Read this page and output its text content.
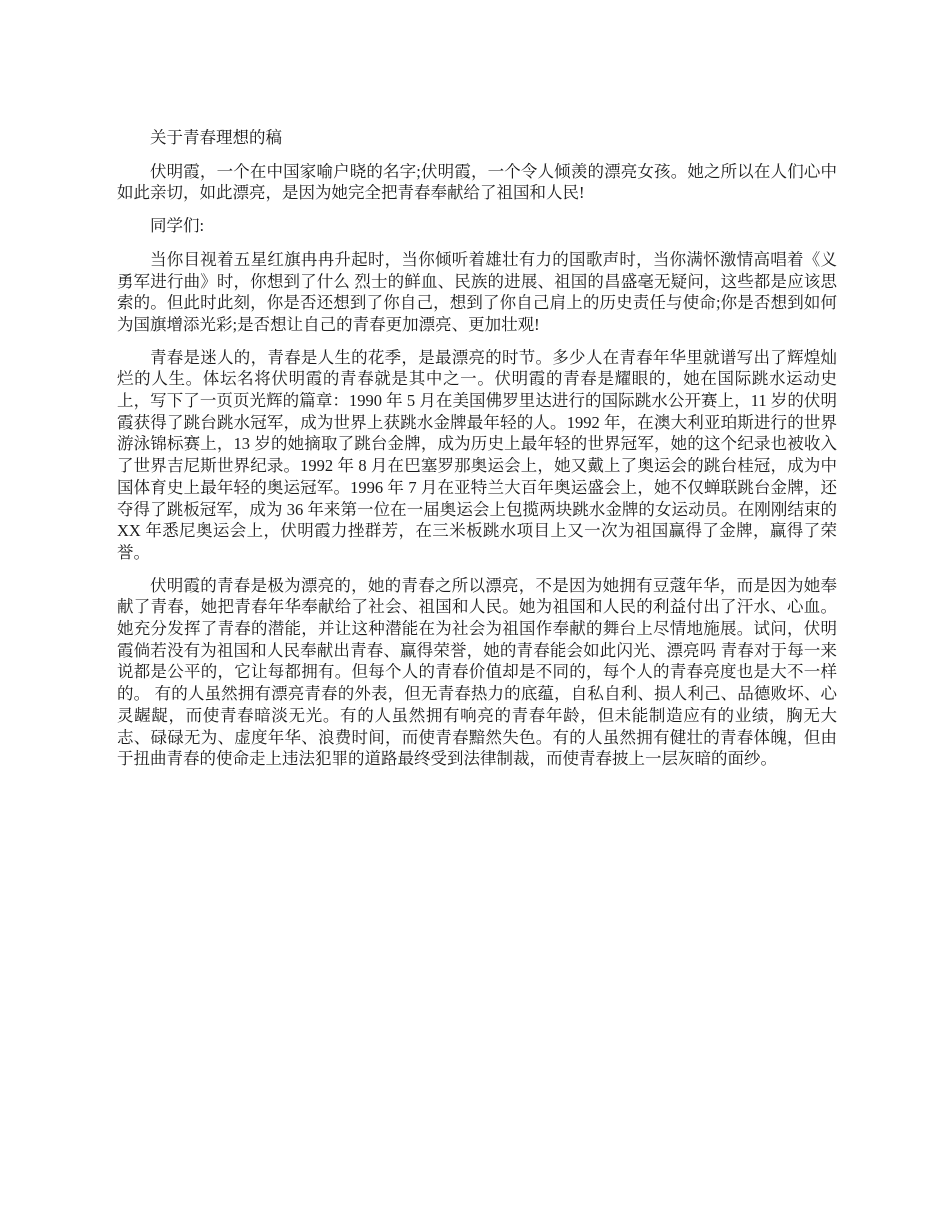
关于青春理想的稿

伏明霞，一个在中国家喻户晓的名字;伏明霞，一个令人倾羡的漂亮女孩。她之所以在人们心中如此亲切，如此漂亮，是因为她完全把青春奉献给了祖国和人民!

同学们:

当你目视着五星红旗冉冉升起时，当你倾听着雄壮有力的国歌声时，当你满怀激情高唱着《义勇军进行曲》时，你想到了什么 烈士的鲜血、民族的进展、祖国的昌盛毫无疑问，这些都是应该思索的。但此时此刻，你是否还想到了你自己，想到了你自己肩上的历史责任与使命;你是否想到如何为国旗增添光彩;是否想让自己的青春更加漂亮、更加壮观!

青春是迷人的，青春是人生的花季，是最漂亮的时节。多少人在青春年华里就谱写出了辉煌灿烂的人生。体坛名将伏明霞的青春就是其中之一。伏明霞的青春是耀眼的，她在国际跳水运动史上，写下了一页页光辉的篇章：1990 年 5 月在美国佛罗里达进行的国际跳水公开赛上，11 岁的伏明霞获得了跳台跳水冠军，成为世界上获跳水金牌最年轻的人。1992 年，在澳大利亚珀斯进行的世界游泳锦标赛上，13 岁的她摘取了跳台金牌，成为历史上最年轻的世界冠军，她的这个纪录也被收入了世界吉尼斯世界纪录。1992 年 8 月在巴塞罗那奥运会上，她又戴上了奥运会的跳台桂冠，成为中国体育史上最年轻的奥运冠军。1996 年 7 月在亚特兰大百年奥运盛会上，她不仅蝉联跳台金牌，还夺得了跳板冠军，成为 36 年来第一位在一届奥运会上包揽两块跳水金牌的女运动员。在刚刚结束的 XX 年悉尼奥运会上，伏明霞力挫群芳，在三米板跳水项目上又一次为祖国赢得了金牌，赢得了荣誉。

伏明霞的青春是极为漂亮的，她的青春之所以漂亮，不是因为她拥有豆蔻年华，而是因为她奉献了青春，她把青春年华奉献给了社会、祖国和人民。她为祖国和人民的利益付出了汗水、心血。她充分发挥了青春的潜能，并让这种潜能在为社会为祖国作奉献的舞台上尽情地施展。试问，伏明霞倘若没有为祖国和人民奉献出青春、赢得荣誉，她的青春能会如此闪光、漂亮吗 青春对于每一来说都是公平的，它让每都拥有。但每个人的青春价值却是不同的，每个人的青春亮度也是大不一样的。 有的人虽然拥有漂亮青春的外表，但无青春热力的底蕴，自私自利、损人利己、品德败坏、心灵龌龊，而使青春暗淡无光。有的人虽然拥有响亮的青春年龄，但未能制造应有的业绩，胸无大志、碌碌无为、虚度年华、浪费时间，而使青春黯然失色。有的人虽然拥有健壮的青春体魄，但由于扭曲青春的使命走上违法犯罪的道路最终受到法律制裁，而使青春披上一层灰暗的面纱。
